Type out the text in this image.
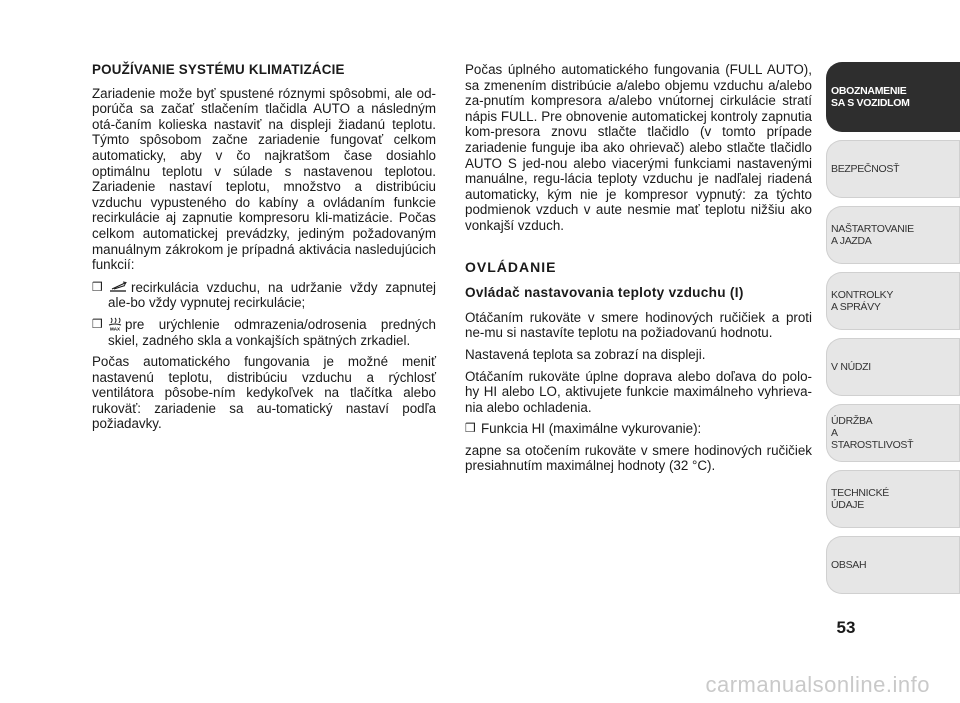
POUŽÍVANIE SYSTÉMU KLIMATIZÁCIE

Zariadenie može byť spustené róznymi spôsobmi, ale od-porúča sa začať stlačením tlačidla AUTO a následným otá-čaním kolieska nastaviť na displeji žiadanú teplotu. Týmto spôsobom začne zariadenie fungovať celkom automaticky, aby v čo najkratšom čase dosiahlo optimálnu teplotu v súlade s nastavenou teplotou. Zariadenie nastaví teplotu, množstvo a distribúciu vzduchu vypusteného do kabíny a ovládaním funkcie recirkulácie aj zapnutie kompresoru kli-matizácie. Počas celkom automatickej prevádzky, jediným požadovaným manuálnym zákrokom je prípadná aktivácia nasledujúcich funkcií:

❒	recirkulácia vzduchu, na udržanie vždy zapnutej ale-bo vždy vypnutej recirkulácie;
❒	MAX pre urýchlenie odmrazenia/odrosenia predných skiel, zadného skla a vonkajších spätných zrkadiel.

Počas automatického fungovania je možné meniť nastavenú teplotu, distribúciu vzduchu a rýchlosť ventilátora pôsobe-ním kedykoľvek na tlačítka alebo rukoväť: zariadenie sa au-tomatický nastaví podľa požiadavky.

Počas úplného automatického fungovania (FULL AUTO), sa zmenením distribúcie a/alebo objemu vzduchu a/alebo za-pnutím kompresora a/alebo vnútornej cirkulácie stratí nápis FULL. Pre obnovenie automatickej kontroly zapnutia kom-presora znovu stlačte tlačidlo (v tomto prípade zariadenie funguje iba ako ohrievač) alebo stlačte tlačidlo AUTO S jed-nou alebo viacerými funkciami nastavenými manuálne, regu-lácia teploty vzduchu je nadľalej riadená automaticky, kým nie je kompresor vypnutý: za týchto podmienok vzduch v aute nesmie mať teplotu nižšiu ako vonkajší vzduch.

OVLÁDANIE
Ovládač nastavovania teploty vzduchu (I)

Otáčaním rukoväte v smere hodinových ručičiek a proti ne-mu si nastavíte teplotu na požiadovanú hodnotu.

Nastavená teplota sa zobrazí na displeji.

Otáčaním rukoväte úplne doprava alebo doľava do polo-hy HI alebo LO, aktivujete funkcie maximálneho vyhrieva-nia alebo ochladenia.

❒ Funkcia HI (maximálne vykurovanie):

zapne sa otočením rukoväte v smere hodinových ručičiek presiahnutím maximálnej hodnoty (32 °C).

OBOZNAMENIE
SA S VOZIDLOM
BEZPEČNOSŤ
NAŠTARTOVANIE
A JAZDA
KONTROLKY
A SPRÁVY
V NÚDZI
ÚDRŽBA
A STAROSTLIVOSŤ
TECHNICKÉ
ÚDAJE
OBSAH
53
carmanualsonline.info
